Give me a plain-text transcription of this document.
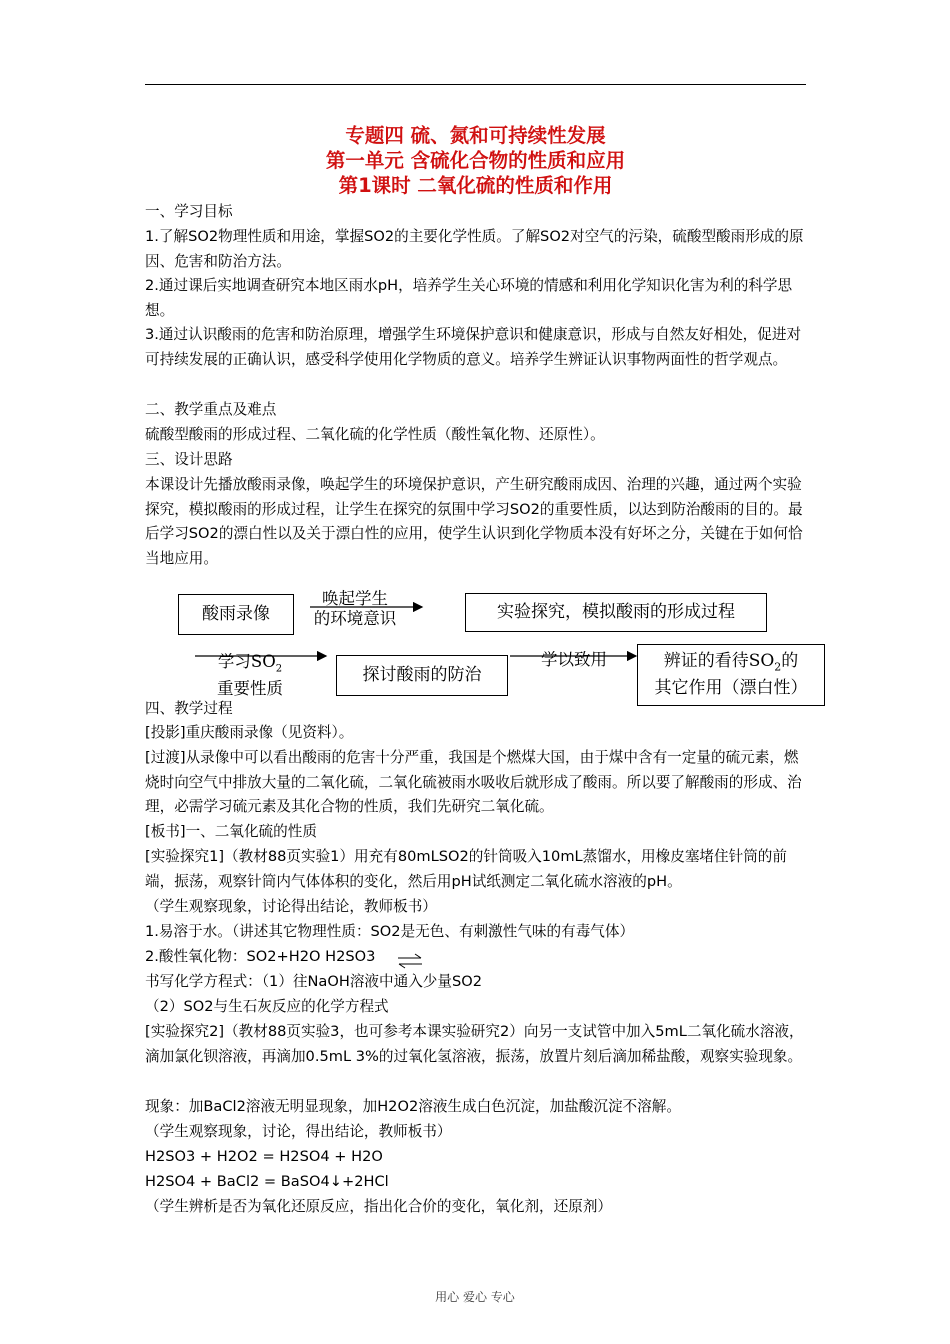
专题四 硫、氮和可持续性发展
第一单元 含硫化合物的性质和应用
第1课时 二氧化硫的性质和作用

一、学习目标

1.了解SO2物理性质和用途，掌握SO2的主要化学性质。了解SO2对空气的污染，硫酸型酸雨形成的原因、危害和防治方法。

2.通过课后实地调查研究本地区雨水pH，培养学生关心环境的情感和利用化学知识化害为利的科学思想。

3.通过认识酸雨的危害和防治原理，增强学生环境保护意识和健康意识，形成与自然友好相处，促进对可持续发展的正确认识，感受科学使用化学物质的意义。培养学生辨证认识事物两面性的哲学观点。

二、教学重点及难点

硫酸型酸雨的形成过程、二氧化硫的化学性质（酸性氧化物、还原性）。

三、设计思路

本课设计先播放酸雨录像，唤起学生的环境保护意识，产生研究酸雨成因、治理的兴趣，通过两个实验探究，模拟酸雨的形成过程，让学生在探究的氛围中学习SO2的重要性质，以达到防治酸雨的目的。最后学习SO2的漂白性以及关于漂白性的应用，使学生认识到化学物质本没有好坏之分，关键在于如何恰当地应用。

酸雨录像
唤起学生
的环境意识	实验探究，模拟酸雨的形成过程
学习$SO_2$
重要性质
探讨酸雨的防治
学以致用	辨证的看待$SO_2$的
其它作用（漂白性）

四、教学过程

[投影]重庆酸雨录像（见资料）。

[过渡]从录像中可以看出酸雨的危害十分严重，我国是个燃煤大国，由于煤中含有一定量的硫元素，燃烧时向空气中排放大量的二氧化硫，二氧化硫被雨水吸收后就形成了酸雨。所以要了解酸雨的形成、治理，必需学习硫元素及其化合物的性质，我们先研究二氧化硫。

[板书]一、二氧化硫的性质

[实验探究1]（教材88页实验1）用充有80mLSO2的针筒吸入10mL蒸馏水，用橡皮塞堵住针筒的前端，振荡，观察针筒内气体体积的变化，然后用pH试纸测定二氧化硫水溶液的pH。

（学生观察现象，讨论得出结论，教师板书）

1.易溶于水。（讲述其它物理性质：SO2是无色、有刺激性气味的有毒气体）

2.酸性氧化物：SO2+H2O H2SO3	⇌

书写化学方程式：（1）往NaOH溶液中通入少量SO2

（2）SO2与生石灰反应的化学方程式

[实验探究2]（教材88页实验3，也可参考本课实验研究2）向另一支试管中加入5mL二氧化硫水溶液，滴加氯化钡溶液，再滴加0.5mL 3%的过氧化氢溶液，振荡，放置片刻后滴加稀盐酸，观察实验现象。

现象：加BaCl2溶液无明显现象，加H2O2溶液生成白色沉淀，加盐酸沉淀不溶解。

（学生观察现象，讨论，得出结论，教师板书）

H2SO3 + H2O2 = H2SO4 + H2O

H2SO4 + BaCl2 = BaSO4↓+2HCl

（学生辨析是否为氧化还原反应，指出化合价的变化，氧化剂，还原剂）

用心 爱心 专心
